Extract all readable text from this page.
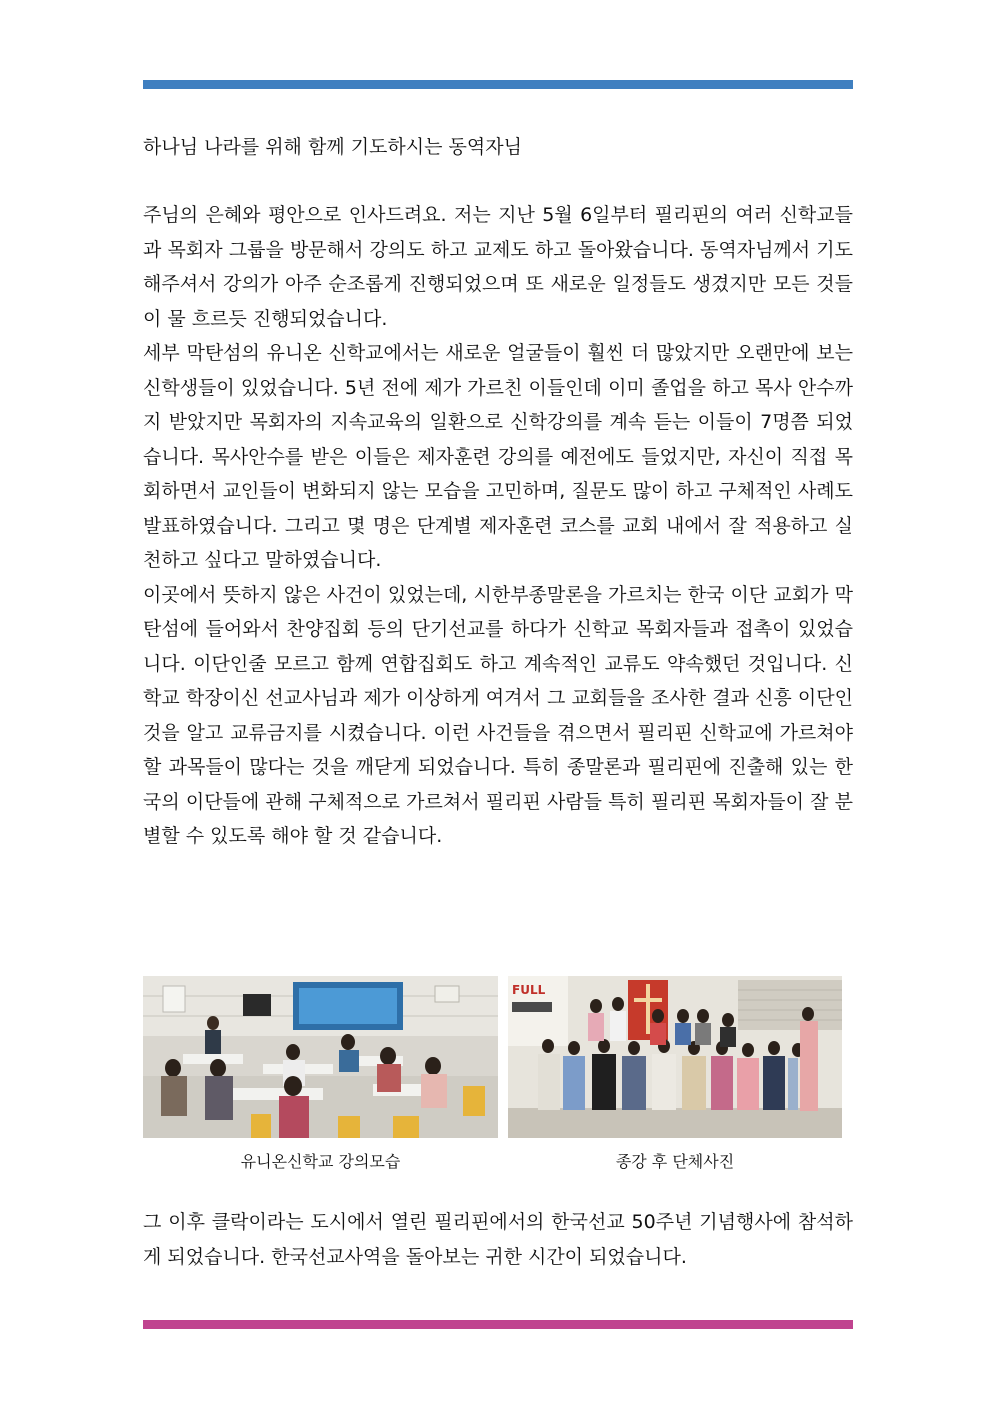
하나님 나라를 위해 함께 기도하시는 동역자님

주님의 은혜와 평안으로 인사드려요. 저는 지난 5월 6일부터 필리핀의 여러 신학교들과 목회자 그룹을 방문해서 강의도 하고 교제도 하고 돌아왔습니다. 동역자님께서 기도해주셔서 강의가 아주 순조롭게 진행되었으며 또 새로운 일정들도 생겼지만 모든 것들이 물 흐르듯 진행되었습니다.

세부 막탄섬의 유니온 신학교에서는 새로운 얼굴들이 훨씬 더 많았지만 오랜만에 보는 신학생들이 있었습니다. 5년 전에 제가 가르친 이들인데 이미 졸업을 하고 목사 안수까지 받았지만 목회자의 지속교육의 일환으로 신학강의를 계속 듣는 이들이 7명쯤 되었습니다. 목사안수를 받은 이들은 제자훈련 강의를 예전에도 들었지만, 자신이 직접 목회하면서 교인들이 변화되지 않는 모습을 고민하며, 질문도 많이 하고 구체적인 사례도 발표하였습니다. 그리고 몇 명은 단계별 제자훈련 코스를 교회 내에서 잘 적용하고 실천하고 싶다고 말하였습니다.

이곳에서 뜻하지 않은 사건이 있었는데, 시한부종말론을 가르치는 한국 이단 교회가 막탄섬에 들어와서 찬양집회 등의 단기선교를 하다가 신학교 목회자들과 접촉이 있었습니다. 이단인줄 모르고 함께 연합집회도 하고 계속적인 교류도 약속했던 것입니다. 신학교 학장이신 선교사님과 제가 이상하게 여겨서 그 교회들을 조사한 결과 신흥 이단인 것을 알고 교류금지를 시켰습니다. 이런 사건들을 겪으면서 필리핀 신학교에 가르쳐야할 과목들이 많다는 것을 깨닫게 되었습니다. 특히 종말론과 필리핀에 진출해 있는 한국의 이단들에 관해 구체적으로 가르쳐서 필리핀 사람들 특히 필리핀 목회자들이 잘 분별할 수 있도록 해야 할 것 같습니다.

FULL
유니온신학교 강의모습	종강 후 단체사진

그 이후 클락이라는 도시에서 열린 필리핀에서의 한국선교 50주년 기념행사에 참석하게 되었습니다. 한국선교사역을 돌아보는 귀한 시간이 되었습니다.
